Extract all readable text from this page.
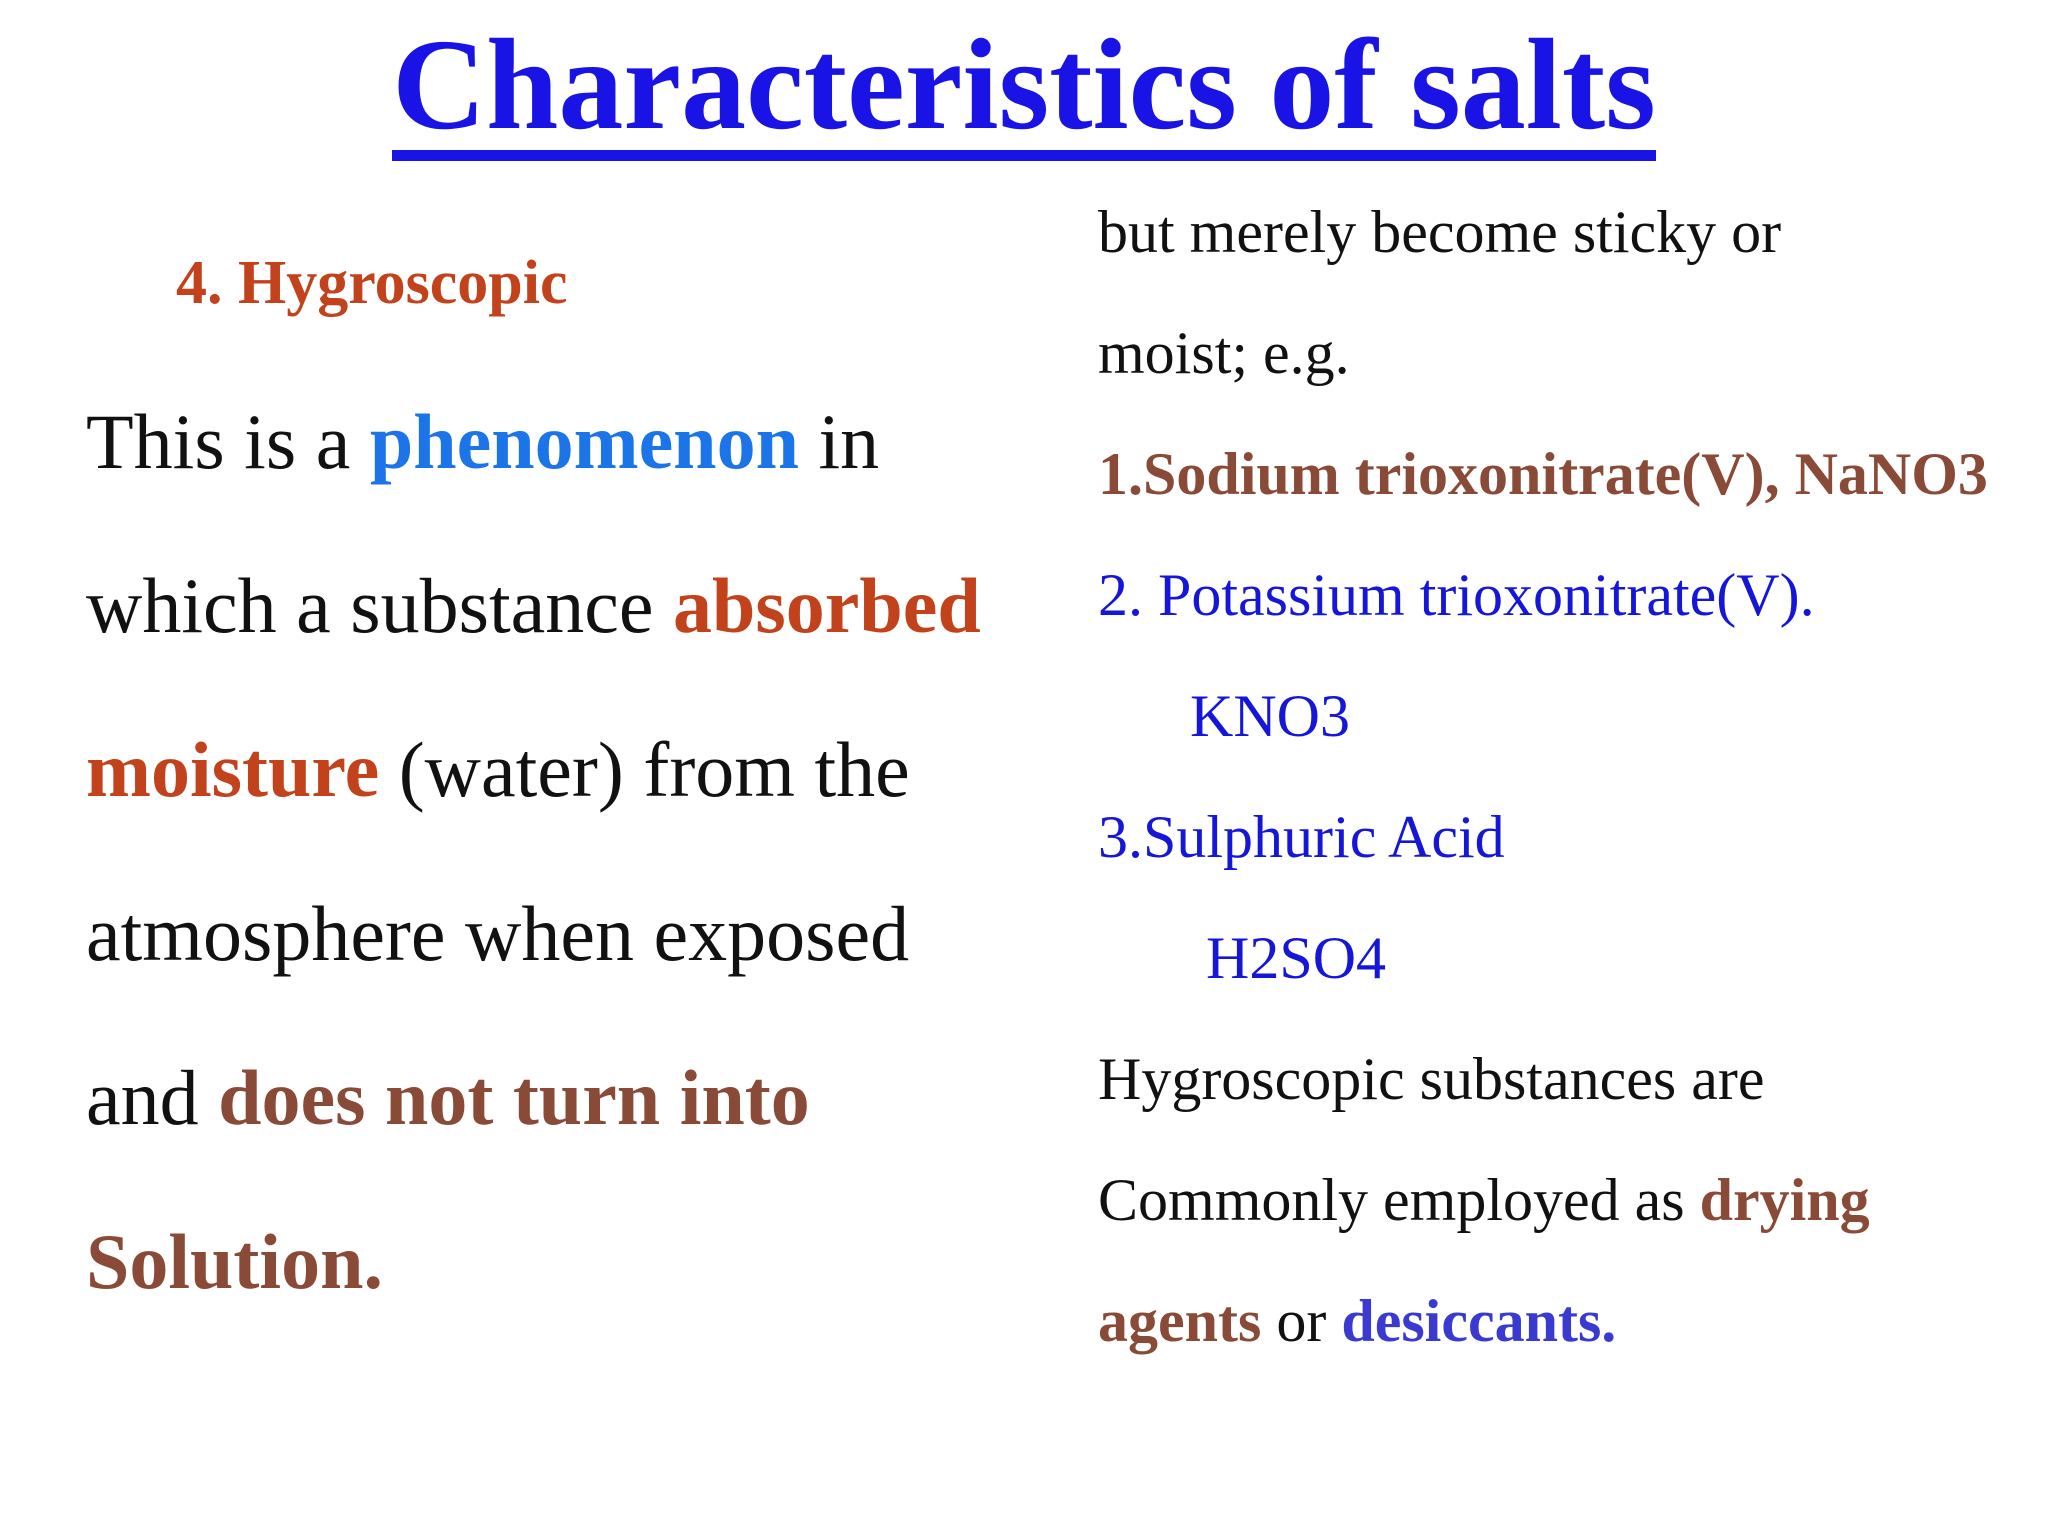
Characteristics of salts
4. Hygroscopic
This is a phenomenon in
which a substance absorbed
moisture (water) from the
atmosphere when exposed
and does not turn into
Solution.
but merely become sticky or
moist; e.g.
1.Sodium trioxonitrate(V), NaNO3
2. Potassium trioxonitrate(V).
KNO3
3.Sulphuric Acid
H2SO4
Hygroscopic substances are
Commonly employed as drying
agents or desiccants.
